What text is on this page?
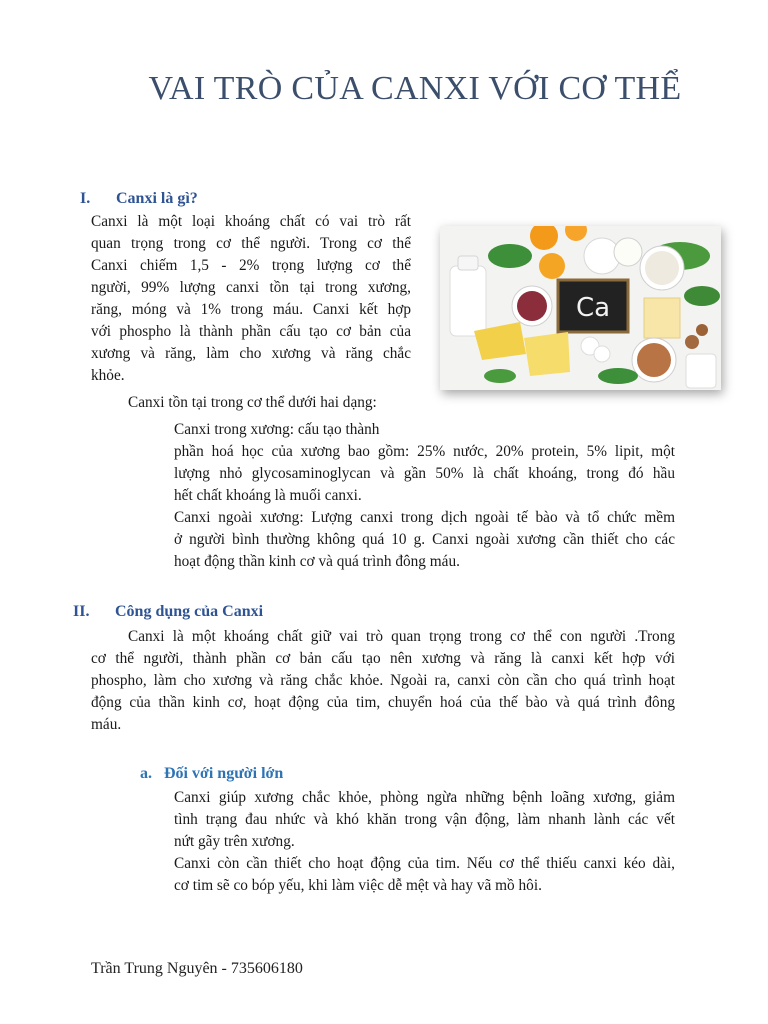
VAI TRÒ CỦA CANXI VỚI CƠ THỂ
I. Canxi là gì?
Canxi là một loại khoáng chất có vai trò rất
quan trọng trong cơ thể người. Trong cơ thể
Canxi chiếm 1,5 - 2% trọng lượng cơ thể
người, 99% lượng canxi tồn tại trong xương,
răng, móng và 1% trong máu. Canxi kết hợp
với phospho là thành phần cấu tạo cơ bản của
xương và răng, làm cho xương và răng chắc
khỏe.
Ca
Canxi tồn tại trong cơ thể dưới hai dạng:
Canxi trong xương: cấu tạo thành
phần hoá học của xương bao gồm: 25% nước, 20% protein, 5% lipit, một
lượng nhỏ glycosaminoglycan và gần 50% là chất khoáng, trong đó hầu
hết chất khoáng là muối canxi.
Canxi ngoài xương: Lượng canxi trong dịch ngoài tế bào và tổ chức mềm
ở người bình thường không quá 10 g. Canxi ngoài xương cần thiết cho các
hoạt động thần kinh cơ và quá trình đông máu.
II. Công dụng của Canxi
Canxi là một khoáng chất giữ vai trò quan trọng trong cơ thể con người .Trong
cơ thể người, thành phần cơ bản cấu tạo nên xương và răng là canxi kết hợp với
phospho, làm cho xương và răng chắc khỏe. Ngoài ra, canxi còn cần cho quá trình hoạt
động của thần kinh cơ, hoạt động của tim, chuyển hoá của thế bào và quá trình đông
máu.
a. Đối với người lớn
Canxi giúp xương chắc khỏe, phòng ngừa những bệnh loãng xương, giảm
tình trạng đau nhức và khó khăn trong vận động, làm nhanh lành các vết
nứt gãy trên xương.
Canxi còn cần thiết cho hoạt động của tim. Nếu cơ thể thiếu canxi kéo dài,
cơ tim sẽ co bóp yếu, khi làm việc dễ mệt và hay vã mồ hôi.
Trần Trung Nguyên - 735606180
